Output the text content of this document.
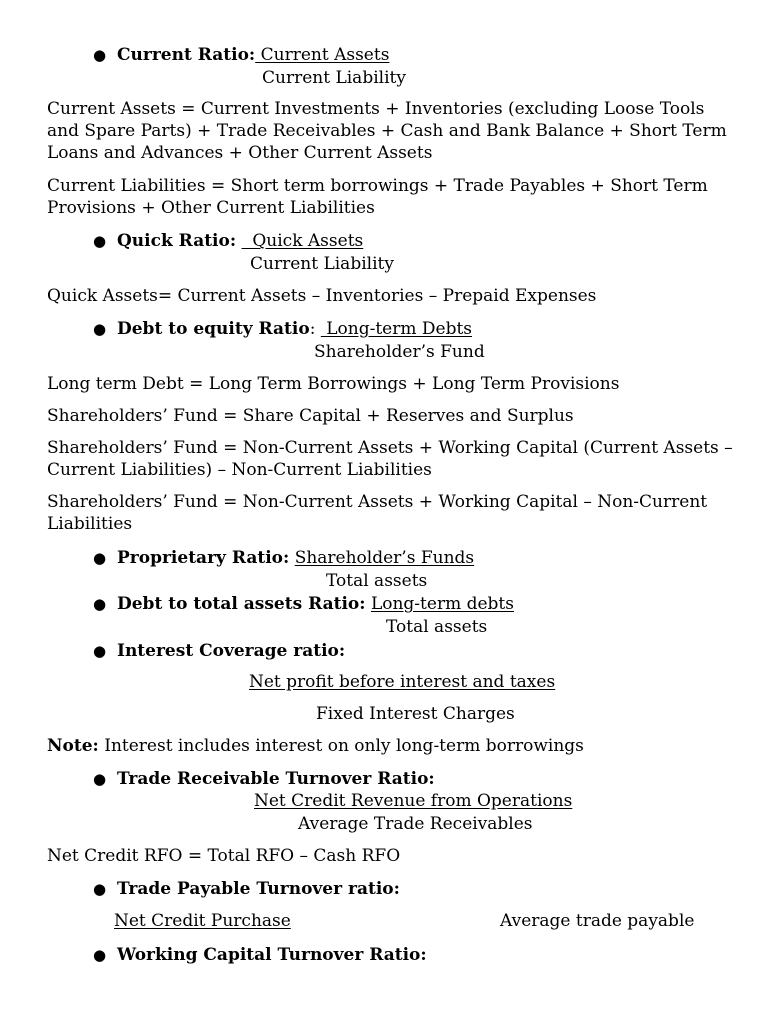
● Current Ratio: Current Assets
Current Liability
Current Assets = Current Investments + Inventories (excluding Loose Tools and Spare Parts) + Trade Receivables + Cash and Bank Balance + Short Term Loans and Advances + Other Current Assets
Current Liabilities = Short term borrowings + Trade Payables + Short Term Provisions + Other Current Liabilities
● Quick Ratio:   Quick Assets
Current Liability
Quick Assets= Current Assets – Inventories – Prepaid Expenses
● Debt to equity Ratio:  Long-term Debts
Shareholder’s Fund
Long term Debt = Long Term Borrowings + Long Term Provisions
Shareholders’ Fund = Share Capital + Reserves and Surplus
Shareholders’ Fund = Non-Current Assets + Working Capital (Current Assets – Current Liabilities) – Non-Current Liabilities
Shareholders’ Fund = Non-Current Assets + Working Capital – Non-Current Liabilities
● Proprietary Ratio: Shareholder’s Funds
Total assets
● Debt to total assets Ratio: Long-term debts
Total assets
● Interest Coverage ratio:
Net profit before interest and taxes
Fixed Interest Charges
Note: Interest includes interest on only long-term borrowings
● Trade Receivable Turnover Ratio:
Net Credit Revenue from Operations
Average Trade Receivables
Net Credit RFO = Total RFO – Cash RFO
● Trade Payable Turnover ratio:
Net Credit Purchase	Average trade payable
● Working Capital Turnover Ratio:
